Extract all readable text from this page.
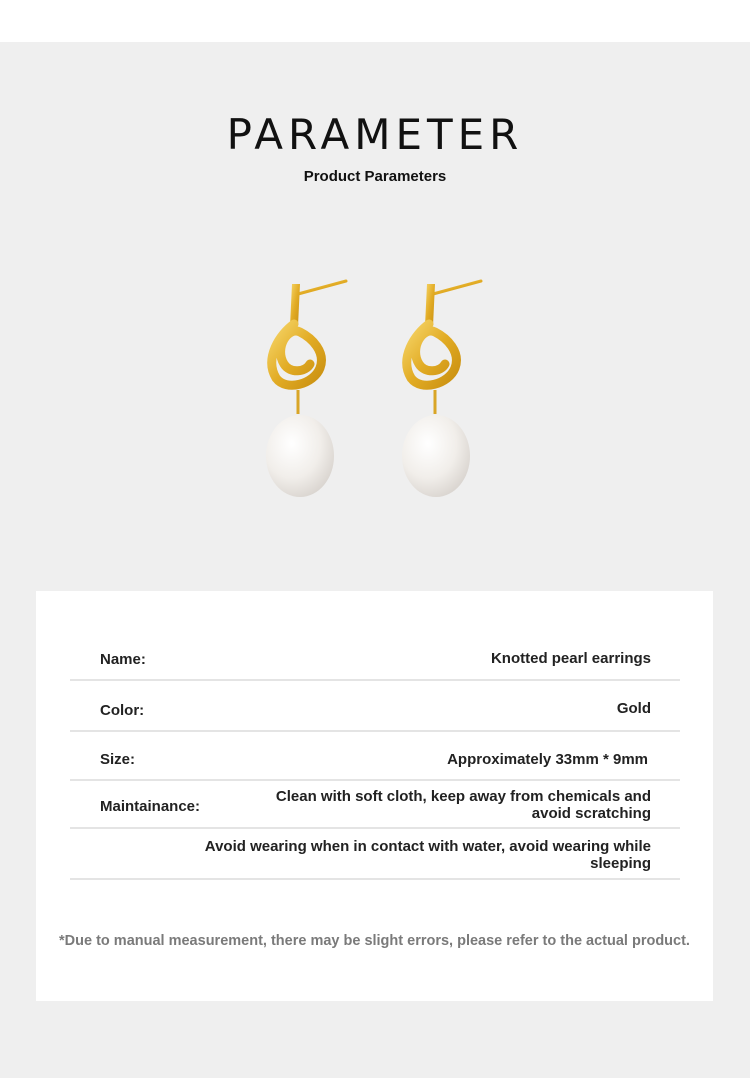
PARAMETER
Product Parameters
Name:	Knotted pearl earrings
Color:	Gold
Size:	Approximately 33mm * 9mm
Maintainance:
Clean with soft cloth, keep away from chemicals and
avoid scratching
Avoid wearing when in contact with water, avoid wearing while
sleeping
*Due to manual measurement, there may be slight errors, please refer to the actual product.
